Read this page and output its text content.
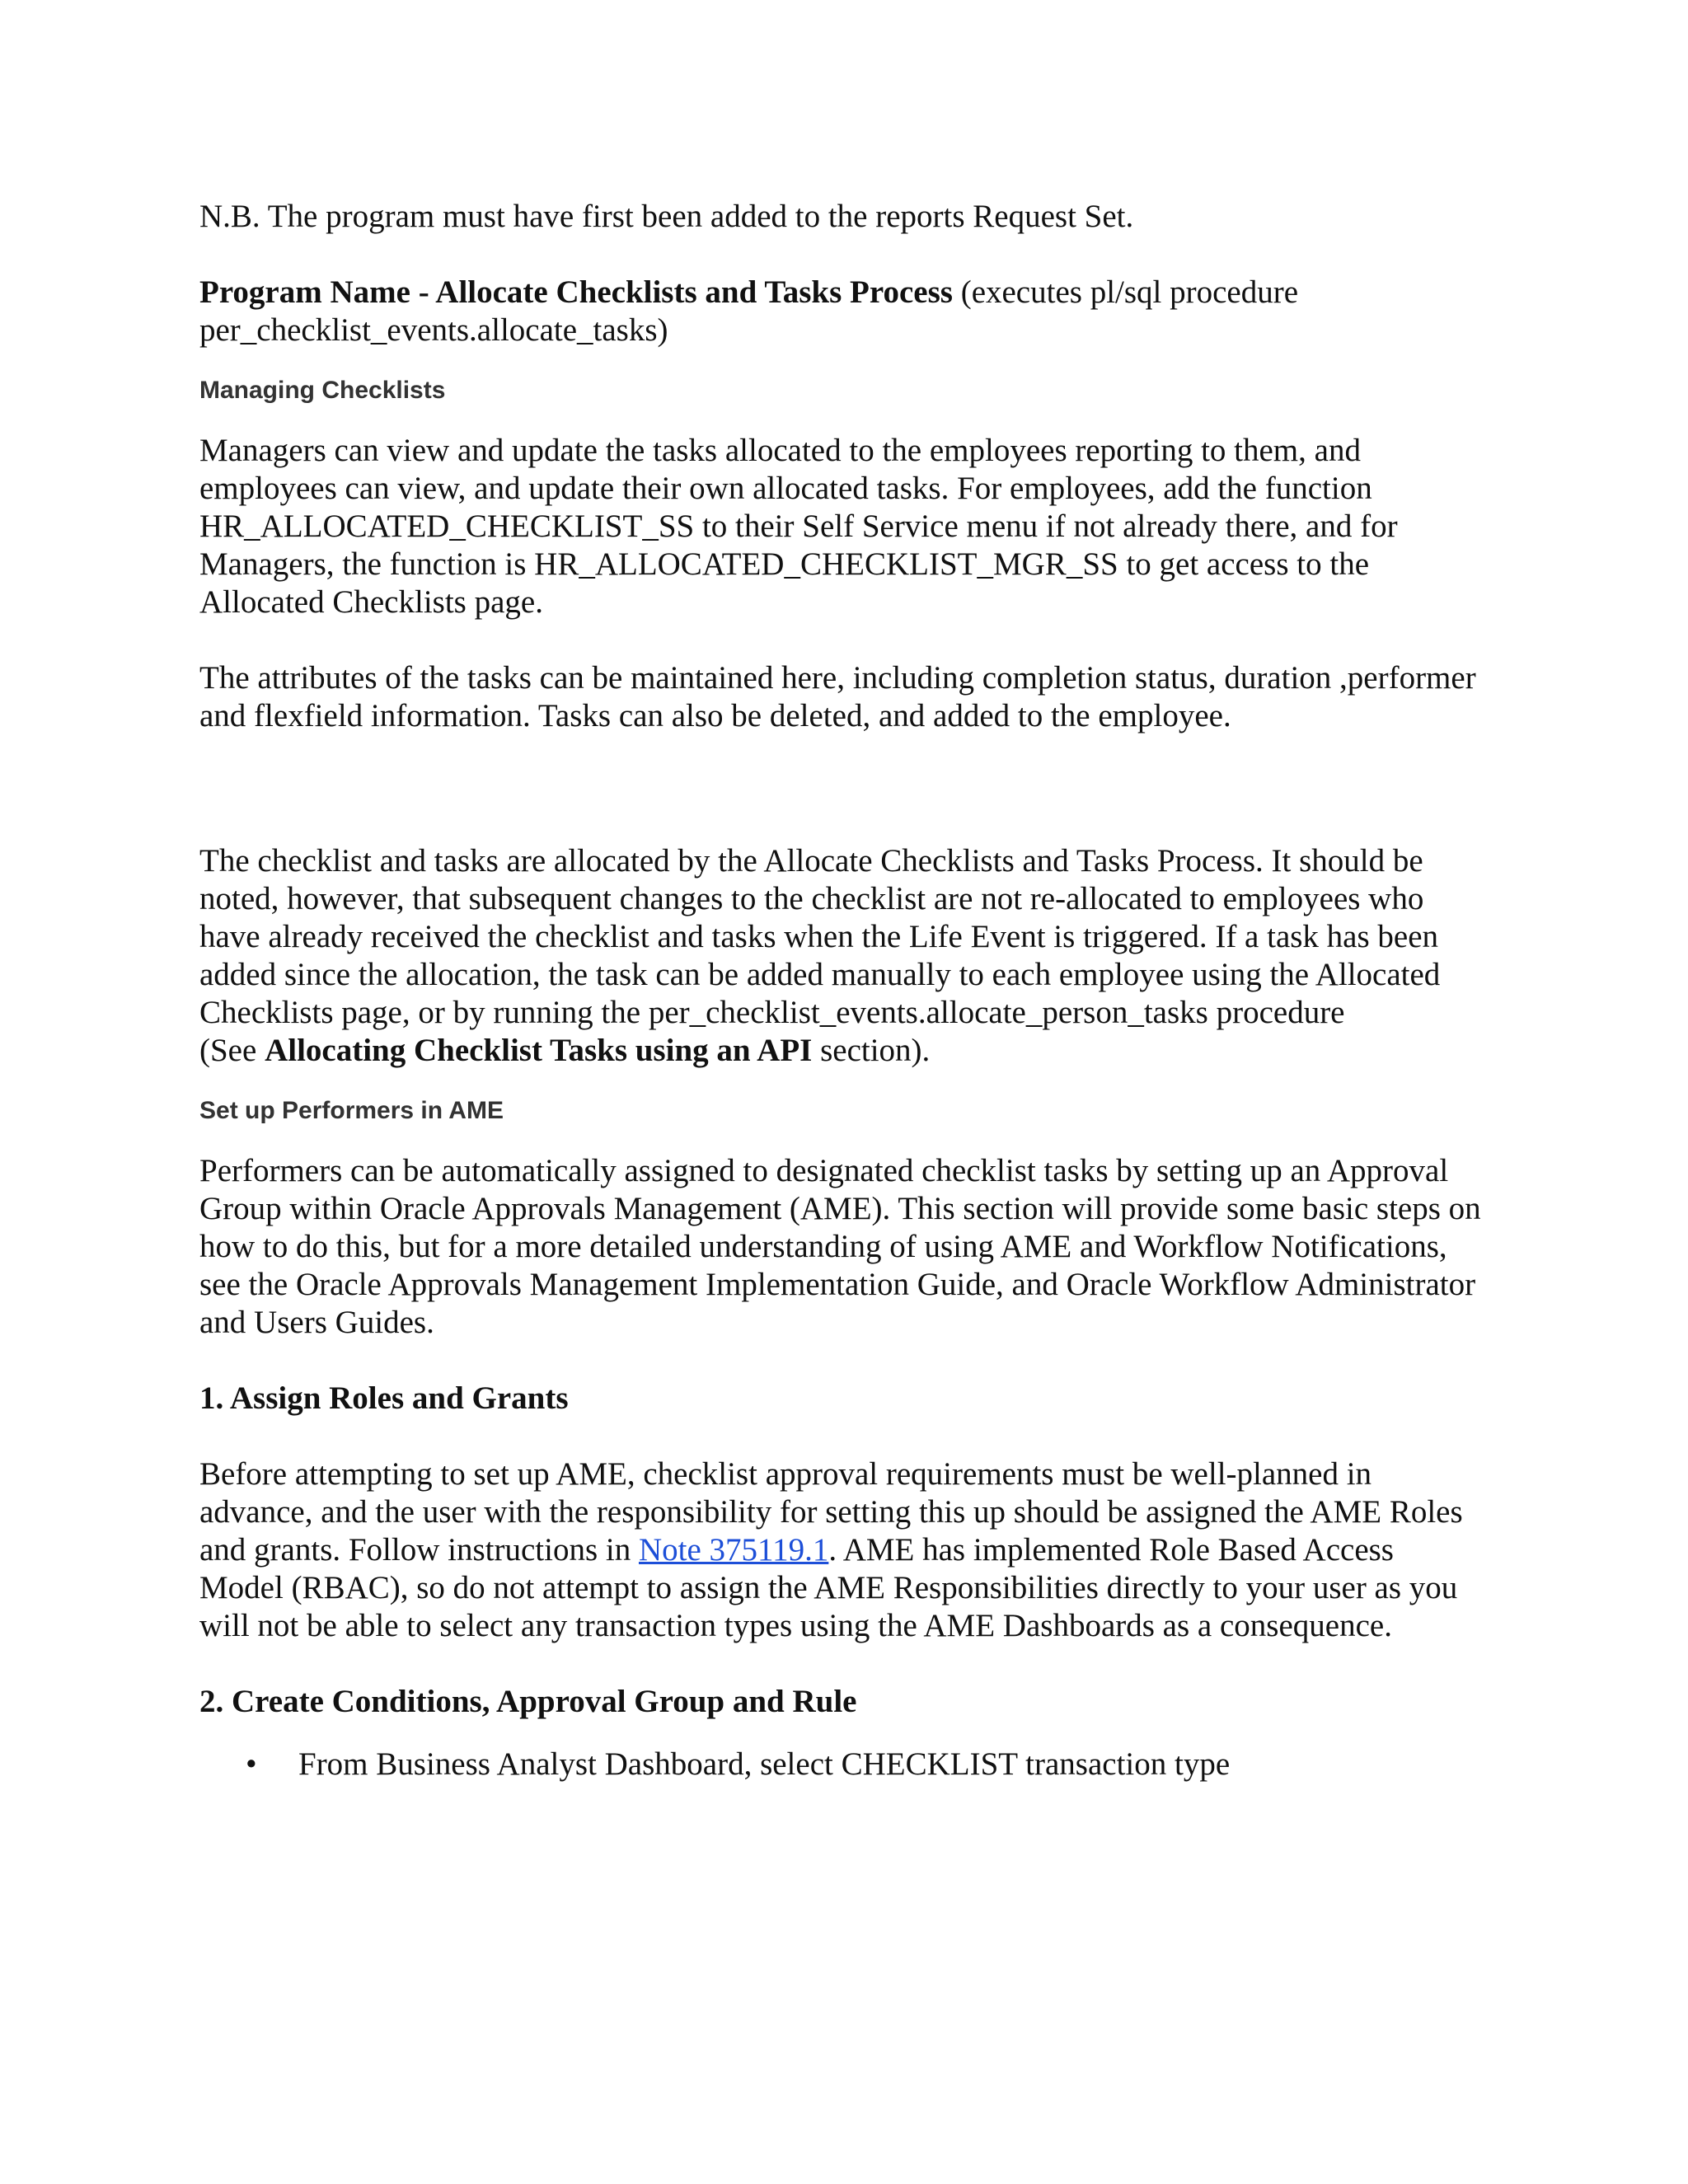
N.B. The program must have first been added to the reports Request Set.

Program Name - Allocate Checklists and Tasks Process (executes pl/sql procedure
per_checklist_events.allocate_tasks)

Managing Checklists

Managers can view and update the tasks allocated to the employees reporting to them, and employees can view, and update their own allocated tasks. For employees, add the function HR_ALLOCATED_CHECKLIST_SS to their Self Service menu if not already there, and for Managers, the function is HR_ALLOCATED_CHECKLIST_MGR_SS to get access to the Allocated Checklists page.

The attributes of the tasks can be maintained here, including completion status, duration ,performer and flexfield information. Tasks can also be deleted, and added to the employee.

The checklist and tasks are allocated by the Allocate Checklists and Tasks Process. It should be noted, however, that subsequent changes to the checklist are not re-allocated to employees who have already received the checklist and tasks when the Life Event is triggered. If a task has been added since the allocation, the task can be added manually to each employee using the Allocated Checklists page, or by running the per_checklist_events.allocate_person_tasks procedure
(See Allocating Checklist Tasks using an API section).

Set up Performers in AME

Performers can be automatically assigned to designated checklist tasks by setting up an Approval Group within Oracle Approvals Management (AME). This section will provide some basic steps on how to do this, but for a more detailed understanding of using AME and Workflow Notifications, see the Oracle Approvals Management Implementation Guide, and Oracle Workflow Administrator and Users Guides.

1. Assign Roles and Grants

Before attempting to set up AME, checklist approval requirements must be well-planned in advance, and the user with the responsibility for setting this up should be assigned the AME Roles and grants. Follow instructions in Note 375119.1. AME has implemented Role Based Access Model (RBAC), so do not attempt to assign the AME Responsibilities directly to your user as you will not be able to select any transaction types using the AME Dashboards as a consequence.

2. Create Conditions, Approval Group and Rule

• From Business Analyst Dashboard, select CHECKLIST transaction type
